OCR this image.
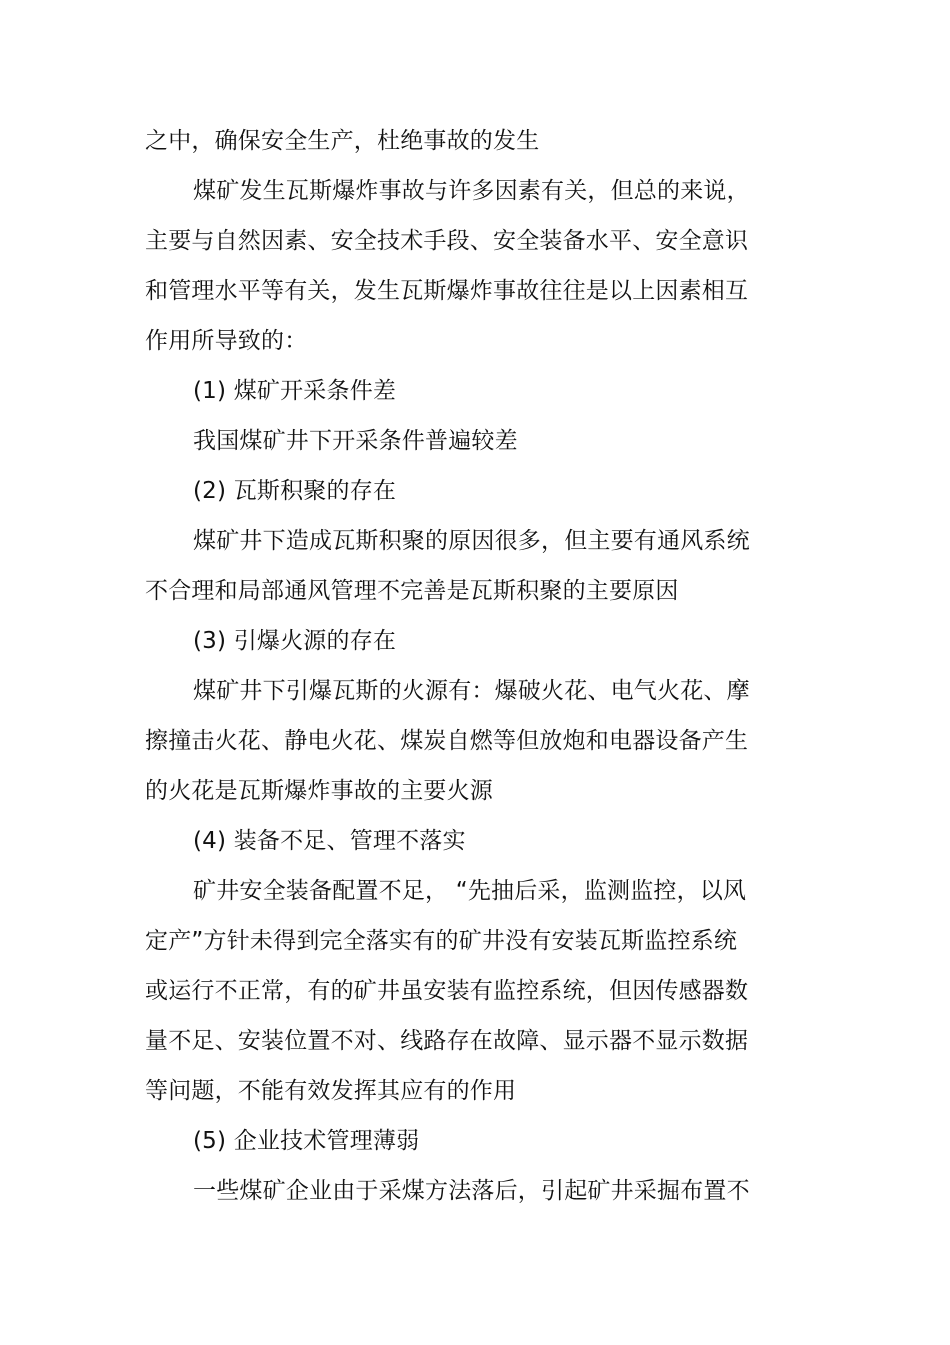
之中，确保安全生产，杜绝事故的发生
煤矿发生瓦斯爆炸事故与许多因素有关，但总的来说，
主要与自然因素、安全技术手段、安全装备水平、安全意识
和管理水平等有关，发生瓦斯爆炸事故往往是以上因素相互
作用所导致的：
(1) 煤矿开采条件差
我国煤矿井下开采条件普遍较差
(2) 瓦斯积聚的存在
煤矿井下造成瓦斯积聚的原因很多，但主要有通风系统
不合理和局部通风管理不完善是瓦斯积聚的主要原因
(3) 引爆火源的存在
煤矿井下引爆瓦斯的火源有：爆破火花、电气火花、摩
擦撞击火花、静电火花、煤炭自燃等但放炮和电器设备产生
的火花是瓦斯爆炸事故的主要火源
(4) 装备不足、管理不落实
矿井安全装备配置不足， “先抽后采，监测监控，以风
定产”方针未得到完全落实有的矿井没有安装瓦斯监控系统
或运行不正常，有的矿井虽安装有监控系统，但因传感器数
量不足、安装位置不对、线路存在故障、显示器不显示数据
等问题，不能有效发挥其应有的作用
(5) 企业技术管理薄弱
一些煤矿企业由于采煤方法落后，引起矿井采掘布置不
